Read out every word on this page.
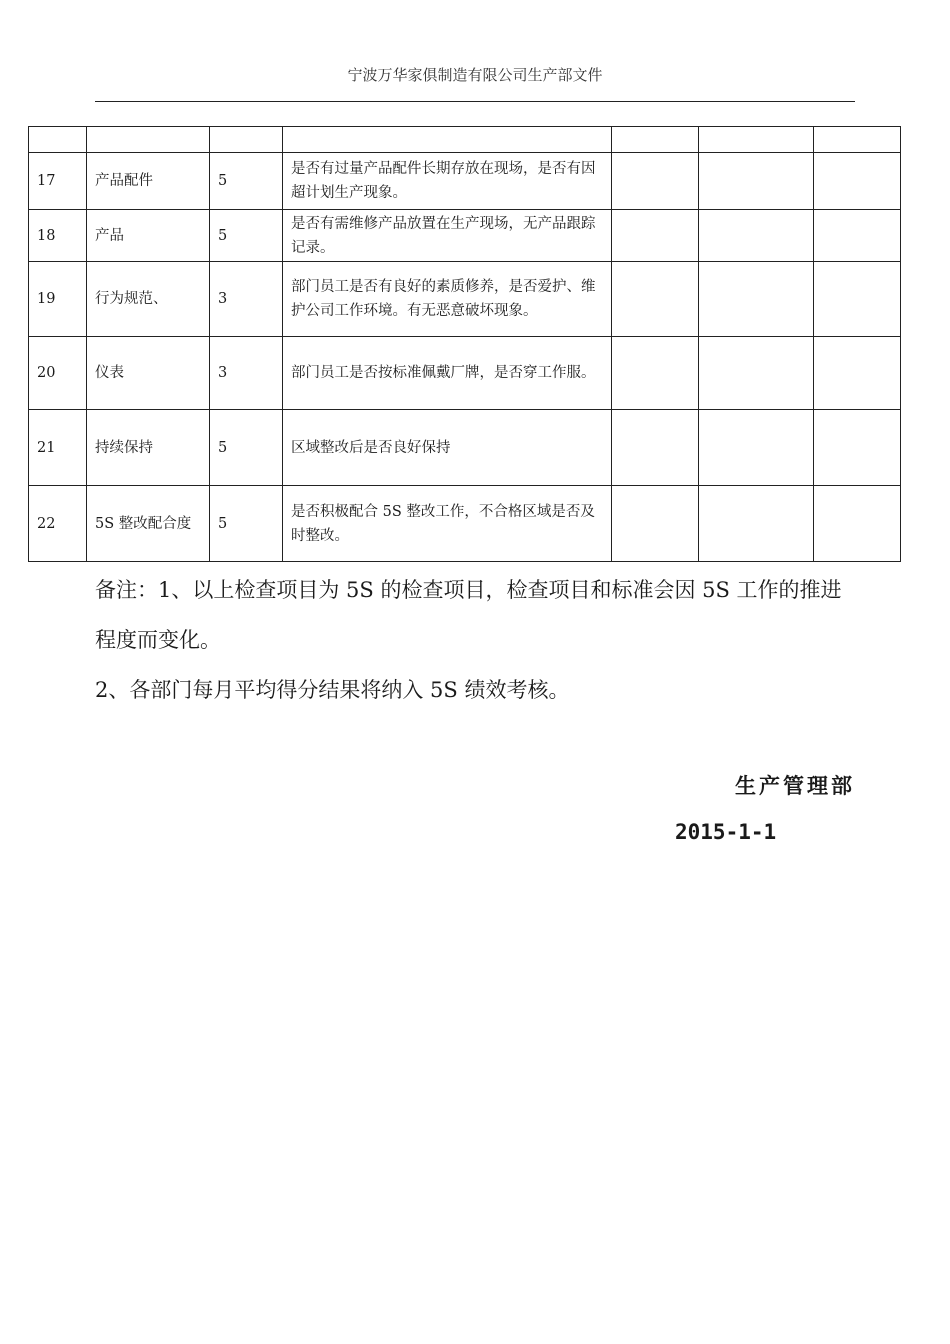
宁波万华家俱制造有限公司生产部文件

17	产品配件	5	是否有过量产品配件长期存放在现场，是否有因超计划生产现象。			
18	产品	5	是否有需维修产品放置在生产现场，无产品跟踪记录。			
19	行为规范、	3	部门员工是否有良好的素质修养，是否爱护、维护公司工作环境。有无恶意破坏现象。			
20	仪表	3	部门员工是否按标准佩戴厂牌，是否穿工作服。			
21	持续保持	5	区域整改后是否良好保持			
22	5S 整改配合度	5	是否积极配合 5S 整改工作，不合格区域是否及时整改。			

备注：1、以上检查项目为 5S 的检查项目，检查项目和标准会因 5S 工作的推进程度而变化。

2、各部门每月平均得分结果将纳入 5S 绩效考核。

生产管理部
2015-1-1
